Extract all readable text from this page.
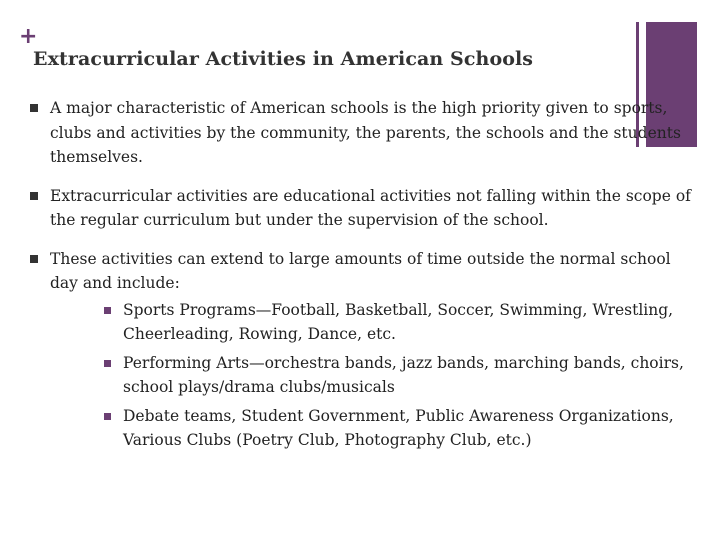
+
Extracurricular Activities in American Schools
A major characteristic of American schools is the high priority given to sports, clubs and activities by the community, the parents, the schools and the students themselves.
Extracurricular activities are educational activities not falling within the scope of the regular curriculum but under the supervision of the school.
These activities can extend to large amounts of time outside the normal school day and include:
Sports Programs—Football, Basketball, Soccer, Swimming, Wrestling, Cheerleading, Rowing, Dance, etc.
Performing Arts—orchestra bands, jazz bands, marching bands, choirs, school plays/drama clubs/musicals
Debate teams, Student Government, Public Awareness Organizations, Various Clubs (Poetry Club, Photography Club, etc.)
